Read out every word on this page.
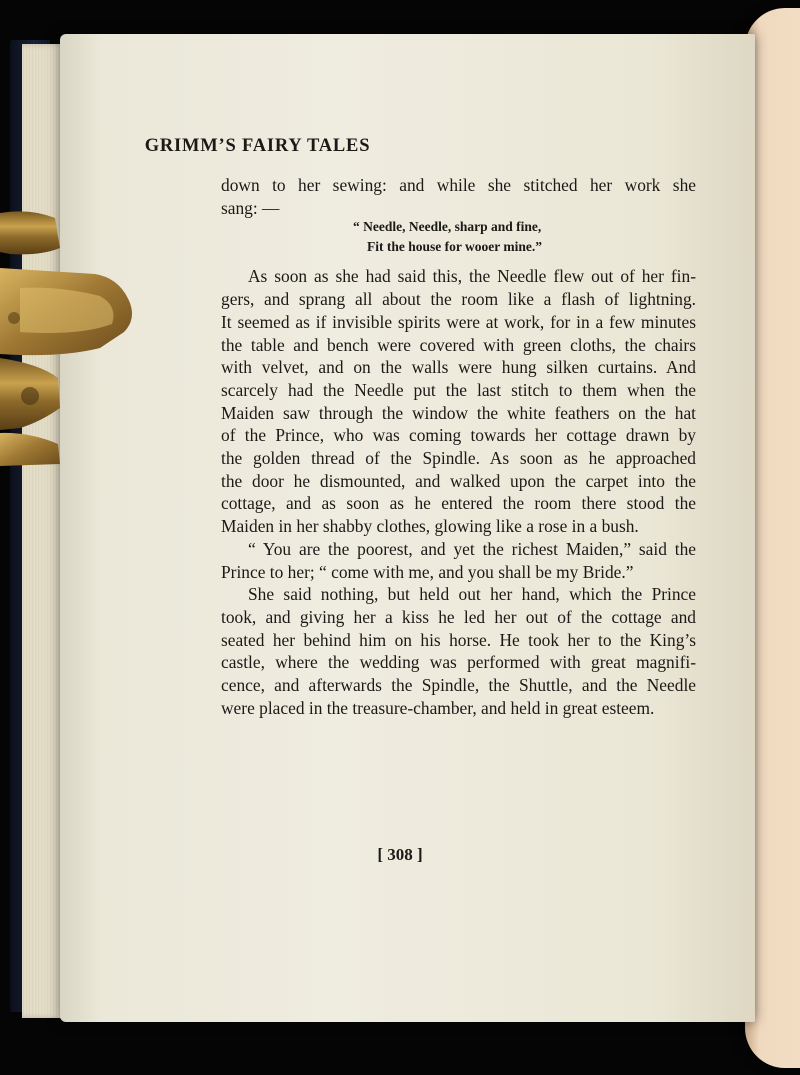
GRIMM’S FAIRY TALES

down to her sewing: and while she stitched her work she
sang: —

“ Needle, Needle, sharp and fine,
Fit the house for wooer mine.”

As soon as she had said this, the Needle flew out of her fin-
gers, and sprang all about the room like a flash of lightning.
It seemed as if invisible spirits were at work, for in a few minutes
the table and bench were covered with green cloths, the chairs
with velvet, and on the walls were hung silken curtains. And
scarcely had the Needle put the last stitch to them when the
Maiden saw through the window the white feathers on the hat
of the Prince, who was coming towards her cottage drawn by
the golden thread of the Spindle. As soon as he approached
the door he dismounted, and walked upon the carpet into the
cottage, and as soon as he entered the room there stood the
Maiden in her shabby clothes, glowing like a rose in a bush.

“ You are the poorest, and yet the richest Maiden,” said the
Prince to her; “ come with me, and you shall be my Bride.”

She said nothing, but held out her hand, which the Prince
took, and giving her a kiss he led her out of the cottage and
seated her behind him on his horse. He took her to the King’s
castle, where the wedding was performed with great magnifi-
cence, and afterwards the Spindle, the Shuttle, and the Needle
were placed in the treasure-chamber, and held in great esteem.

[ 308 ]
